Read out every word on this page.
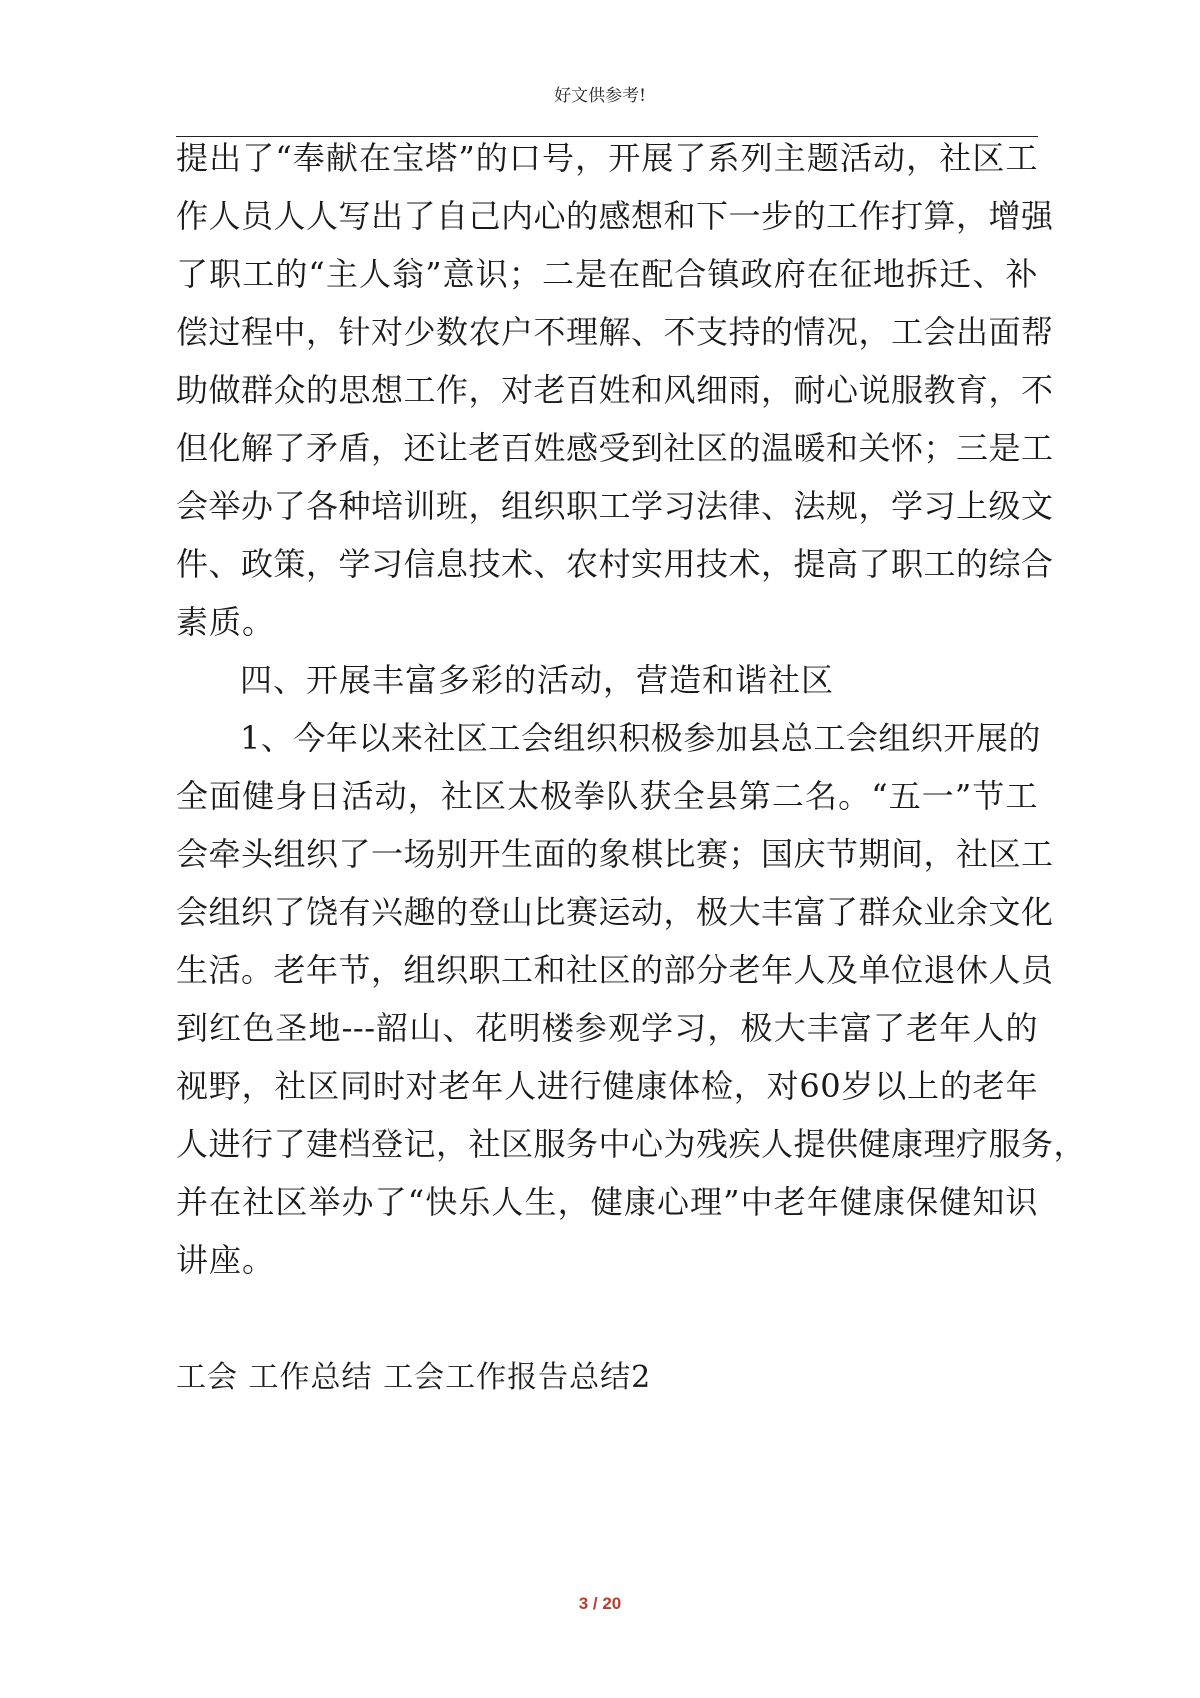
好文供参考!
提出了“奉献在宝塔”的口号，开展了系列主题活动，社区工
作人员人人写出了自己内心的感想和下一步的工作打算，增强
了职工的“主人翁”意识；二是在配合镇政府在征地拆迁、补
偿过程中，针对少数农户不理解、不支持的情况，工会出面帮
助做群众的思想工作，对老百姓和风细雨，耐心说服教育，不
但化解了矛盾，还让老百姓感受到社区的温暖和关怀；三是工
会举办了各种培训班，组织职工学习法律、法规，学习上级文
件、政策，学习信息技术、农村实用技术，提高了职工的综合
素质。
四、开展丰富多彩的活动，营造和谐社区
1、今年以来社区工会组织积极参加县总工会组织开展的
全面健身日活动，社区太极拳队获全县第二名。“五一”节工
会牵头组织了一场别开生面的象棋比赛；国庆节期间，社区工
会组织了饶有兴趣的登山比赛运动，极大丰富了群众业余文化
生活。老年节，组织职工和社区的部分老年人及单位退休人员
到红色圣地---韶山、花明楼参观学习，极大丰富了老年人的
视野，社区同时对老年人进行健康体检，对60岁以上的老年
人进行了建档登记，社区服务中心为残疾人提供健康理疗服务，
并在社区举办了“快乐人生，健康心理”中老年健康保健知识
讲座。
工会 工作总结 工会工作报告总结2
3 / 20
